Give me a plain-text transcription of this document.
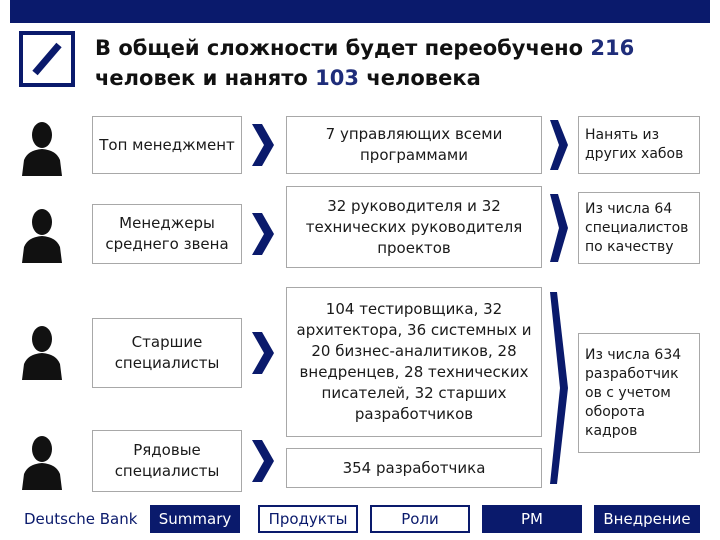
В общей сложности будет переобучено 216
человек и нанято 103 человека
Топ менеджмент
Менеджеры среднего звена
Старшие специалисты
Рядовые специалисты
7 управляющих всеми программами
32 руководителя и 32 технических руководителя проектов
104 тестировщика, 32 архитектора, 36 системных и 20 бизнес-аналитиков, 28 внедренцев, 28 технических писателей, 32 старших разработчиков
354 разработчика
Нанять из других хабов
Из числа 64 специалистов по качеству
Из числа 634 разработчик ов с учетом оборота кадров
Deutsche Bank	Summary	Продукты	Роли	PM	Внедрение
